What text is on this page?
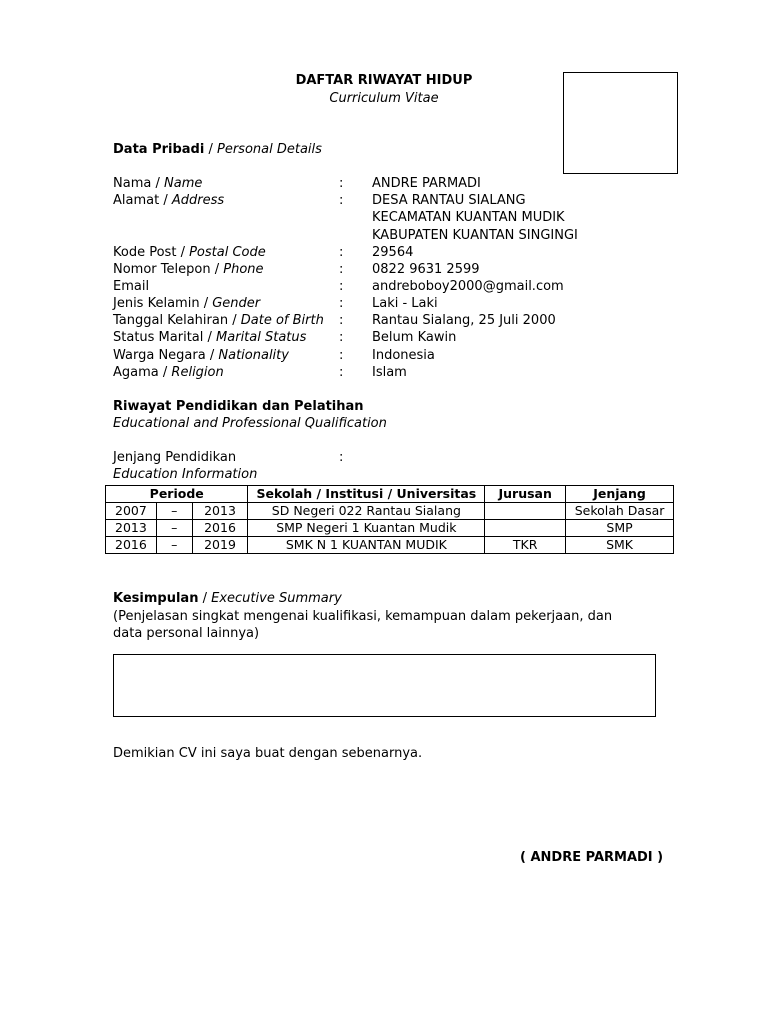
DAFTAR RIWAYAT HIDUP
Curriculum Vitae
Data Pribadi / Personal Details
Nama / Name	: ANDRE PARMADI
Alamat / Address	: DESA RANTAU SIALANG
KECAMATAN KUANTAN MUDIK
KABUPATEN KUANTAN SINGINGI
Kode Post / Postal Code	: 29564
Nomor Telepon / Phone	: 0822 9631 2599
Email	: andreboboy2000@gmail.com
Jenis Kelamin / Gender	: Laki - Laki
Tanggal Kelahiran / Date of Birth : Rantau Sialang, 25 Juli 2000
Status Marital / Marital Status	: Belum Kawin
Warga Negara / Nationality	: Indonesia
Agama / Religion	: Islam
Riwayat Pendidikan dan Pelatihan
Educational and Professional Qualification
Jenjang Pendidikan	:
Education Information
Periode			Sekolah / Institusi / Universitas	Jurusan	Jenjang
2007	–	2013	SD Negeri 022 Rantau Sialang		Sekolah Dasar
2013	–	2016	SMP Negeri 1 Kuantan Mudik		SMP
2016	–	2019	SMK N 1 KUANTAN MUDIK	TKR	SMK
Kesimpulan / Executive Summary
(Penjelasan singkat mengenai kualifikasi, kemampuan dalam pekerjaan, dan
data personal lainnya)
Demikian CV ini saya buat dengan sebenarnya.
( ANDRE PARMADI )
